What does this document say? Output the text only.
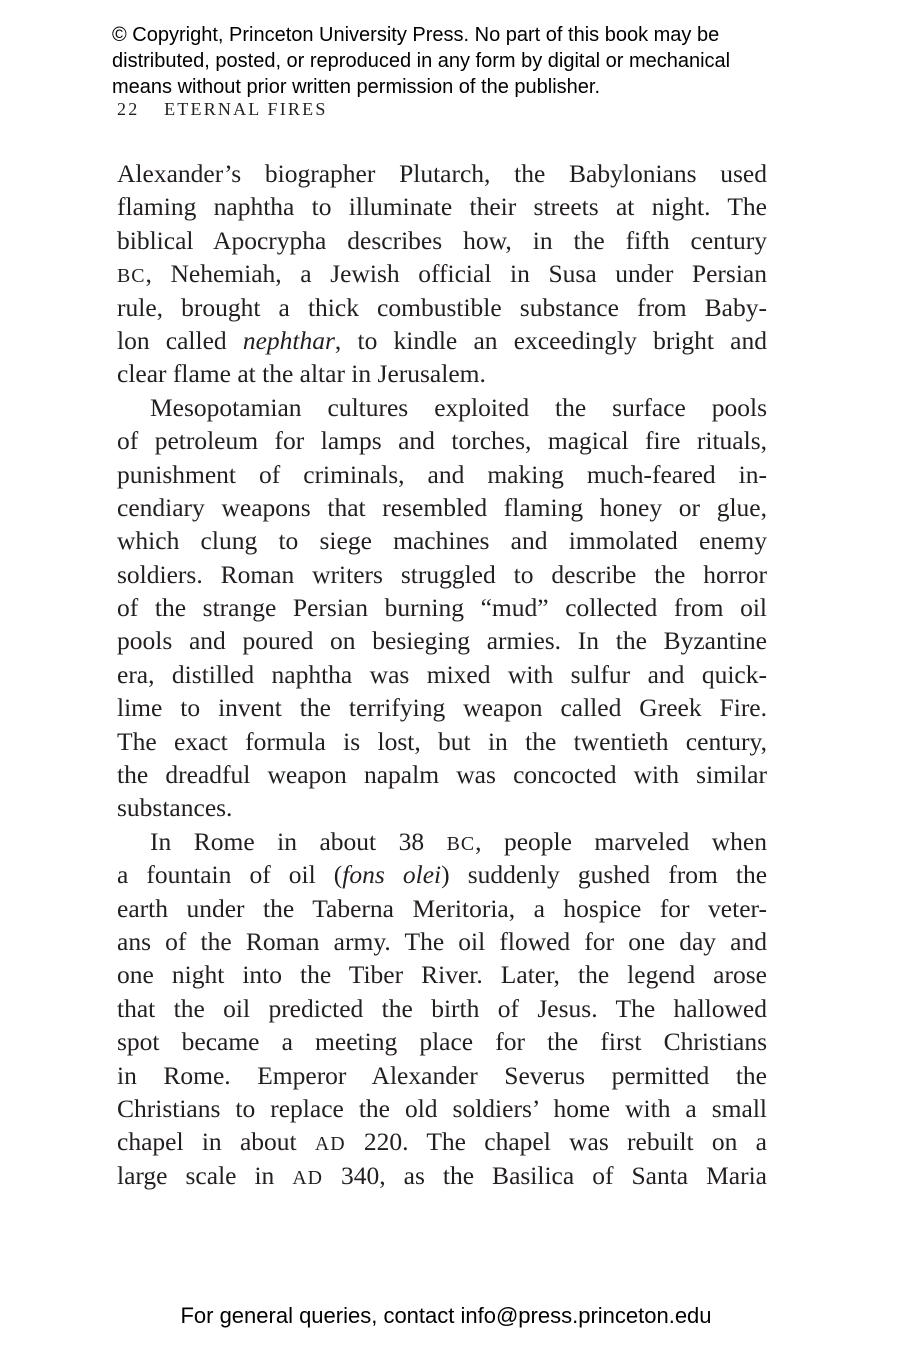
© Copyright, Princeton University Press. No part of this book may be
distributed, posted, or reproduced in any form by digital or mechanical
means without prior written permission of the publisher.
22 ETERNAL FIRES
Alexander’s biographer Plutarch, the Babylonians used
flaming naphtha to illuminate their streets at night. The
biblical Apocrypha describes how, in the fifth century
BC, Nehemiah, a Jewish official in Susa under Persian
rule, brought a thick combustible substance from Baby-
lon called nephthar, to kindle an exceedingly bright and
clear flame at the altar in Jerusalem.
Mesopotamian cultures exploited the surface pools
of petroleum for lamps and torches, magical fire rituals,
punishment of criminals, and making much-feared in-
cendiary weapons that resembled flaming honey or glue,
which clung to siege machines and immolated enemy
soldiers. Roman writers struggled to describe the horror
of the strange Persian burning “mud” collected from oil
pools and poured on besieging armies. In the Byzantine
era, distilled naphtha was mixed with sulfur and quick-
lime to invent the terrifying weapon called Greek Fire.
The exact formula is lost, but in the twentieth century,
the dreadful weapon napalm was concocted with similar
substances.
In Rome in about 38 BC, people marveled when
a fountain of oil (fons olei) suddenly gushed from the
earth under the Taberna Meritoria, a hospice for veter-
ans of the Roman army. The oil flowed for one day and
one night into the Tiber River. Later, the legend arose
that the oil predicted the birth of Jesus. The hallowed
spot became a meeting place for the first Christians
in Rome. Emperor Alexander Severus permitted the
Christians to replace the old soldiers’ home with a small
chapel in about AD 220. The chapel was rebuilt on a
large scale in AD 340, as the Basilica of Santa Maria
For general queries, contact info@press.princeton.edu
